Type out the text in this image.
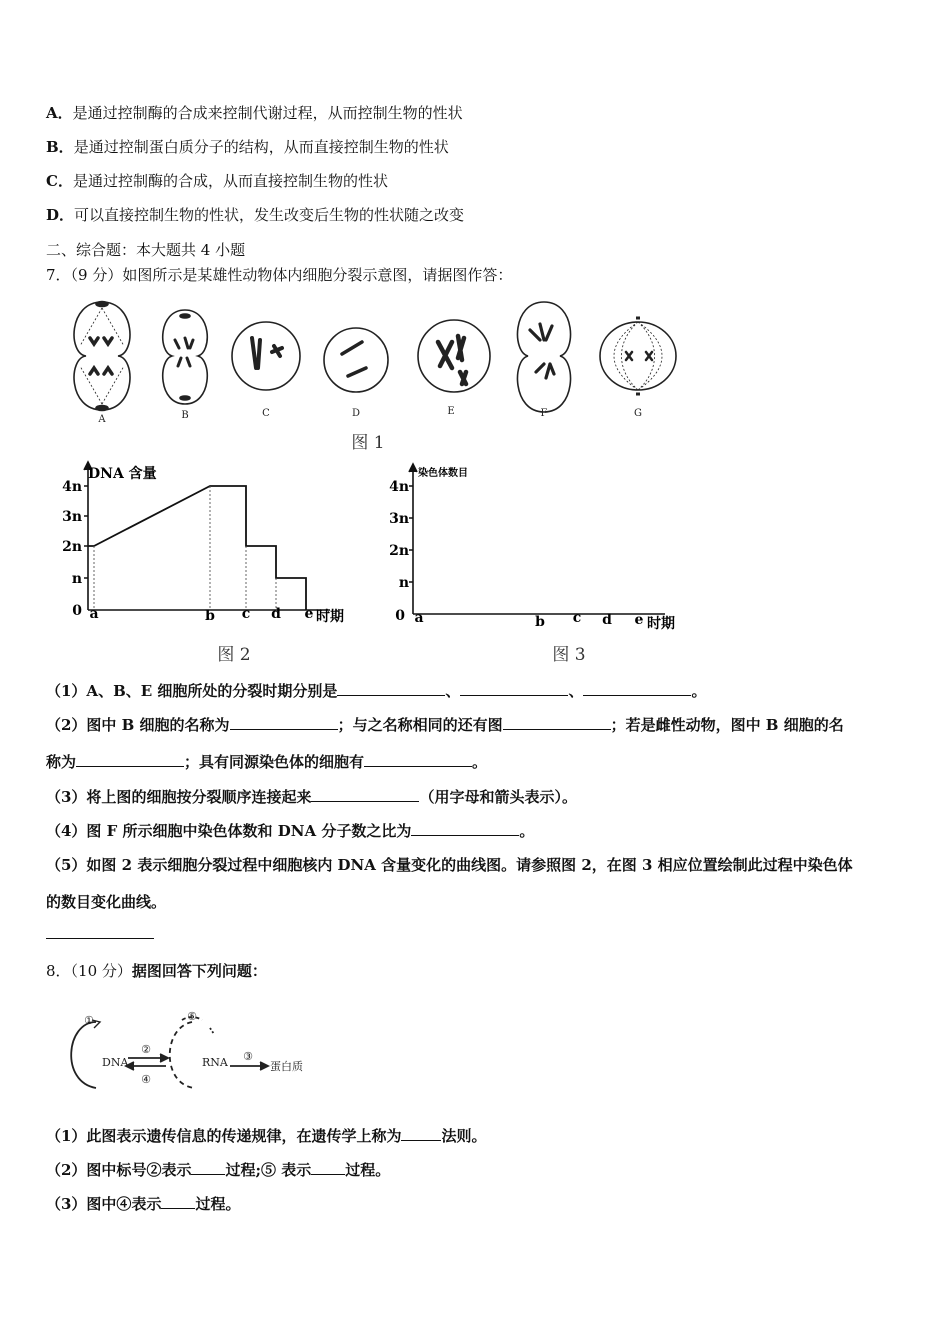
A．是通过控制酶的合成来控制代谢过程，从而控制生物的性状
B．是通过控制蛋白质分子的结构，从而直接控制生物的性状
C．是通过控制酶的合成，从而直接控制生物的性状
D．可以直接控制生物的性状，发生改变后生物的性状随之改变
二、综合题：本大题共 4 小题
7．（9 分）如图所示是某雄性动物体内细胞分裂示意图，请据图作答：
A	B	C	D	E	F	G
图 1
DNA 含量
4n
3n
2n
n
0 a	b c d e 时期
图 2
染色体数目
4n
3n
2n
n
0 a	b c d e 时期
图 3
（1）A、B、E 细胞所处的分裂时期分别是	、	、	。
（2）图中 B 细胞的名称为	；与之名称相同的还有图	；若是雌性动物，图中 B 细胞的名
称为	；具有同源染色体的细胞有	。
（3）将上图的细胞按分裂顺序连接起来	（用字母和箭头表示）。
（4）图 F 所示细胞中染色体数和 DNA 分子数之比为	。
（5）如图 2 表示细胞分裂过程中细胞核内 DNA 含量变化的曲线图。请参照图 2，在图 3 相应位置绘制此过程中染色体
的数目变化曲线。
8．（10 分）据图回答下列问题：
①
②
③
④
⑤
DNA	RNA	蛋白质
（1）此图表示遗传信息的传递规律，在遗传学上称为	法则。
（2）图中标号②表示 过程;⑤ 表示 过程。
（3）图中④表示 过程。
